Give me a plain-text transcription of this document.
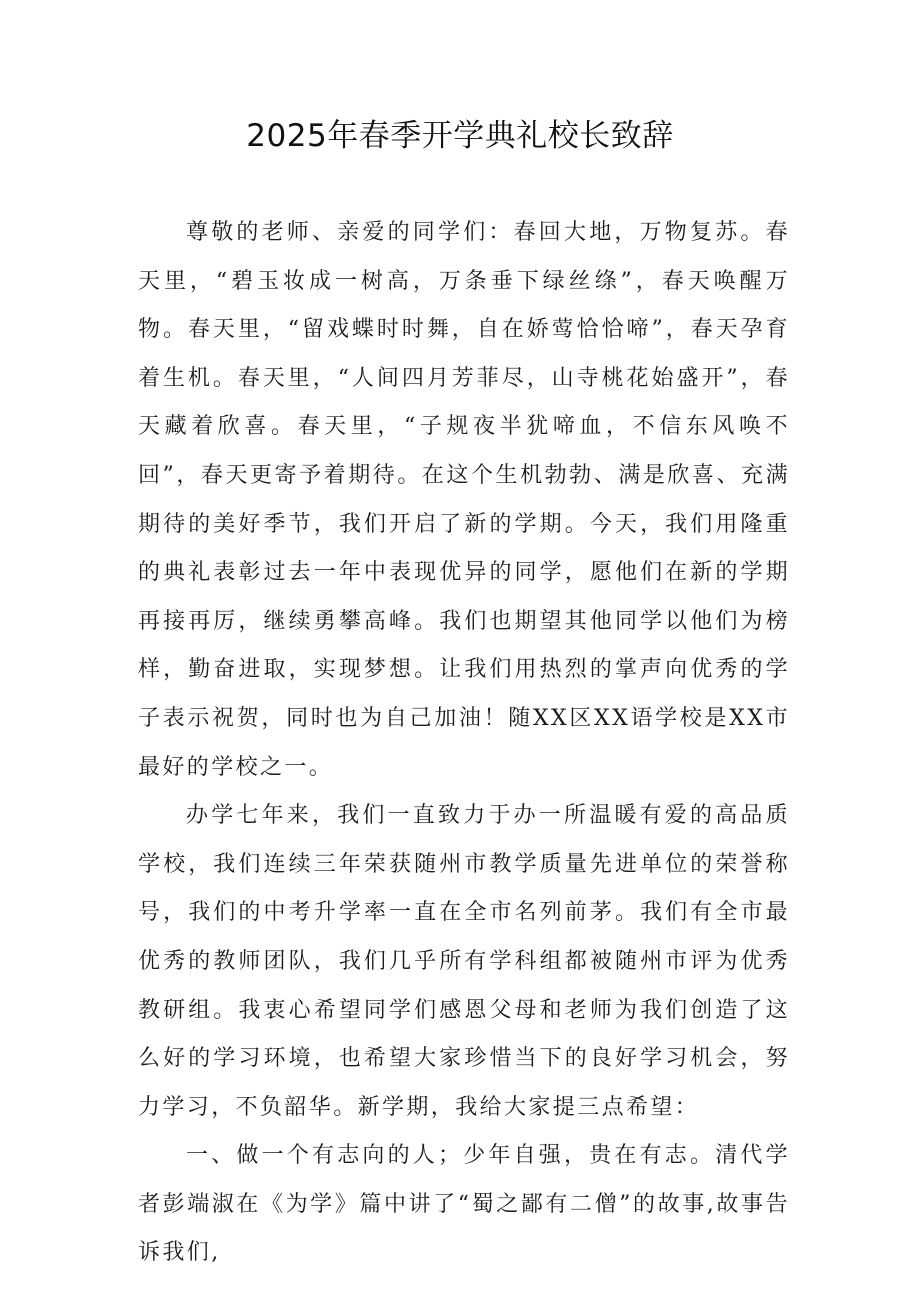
2025年春季开学典礼校长致辞

尊敬的老师、亲爱的同学们：春回大地，万物复苏。春天里，“碧玉妆成一树高，万条垂下绿丝绦”，春天唤醒万物。春天里，“留戏蝶时时舞，自在娇莺恰恰啼”，春天孕育着生机。春天里，“人间四月芳菲尽，山寺桃花始盛开”，春天藏着欣喜。春天里，“子规夜半犹啼血，不信东风唤不回”，春天更寄予着期待。在这个生机勃勃、满是欣喜、充满期待的美好季节，我们开启了新的学期。今天，我们用隆重的典礼表彰过去一年中表现优异的同学，愿他们在新的学期再接再厉，继续勇攀高峰。我们也期望其他同学以他们为榜样，勤奋进取，实现梦想。让我们用热烈的掌声向优秀的学子表示祝贺，同时也为自己加油！随XX区XX语学校是XX市最好的学校之一。

办学七年来，我们一直致力于办一所温暖有爱的高品质学校，我们连续三年荣获随州市教学质量先进单位的荣誉称号，我们的中考升学率一直在全市名列前茅。我们有全市最优秀的教师团队，我们几乎所有学科组都被随州市评为优秀教研组。我衷心希望同学们感恩父母和老师为我们创造了这么好的学习环境，也希望大家珍惜当下的良好学习机会，努力学习，不负韶华。新学期，我给大家提三点希望：

一、做一个有志向的人；少年自强，贵在有志。清代学者彭端淑在《为学》篇中讲了“蜀之鄙有二僧”的故事,故事告诉我们,
